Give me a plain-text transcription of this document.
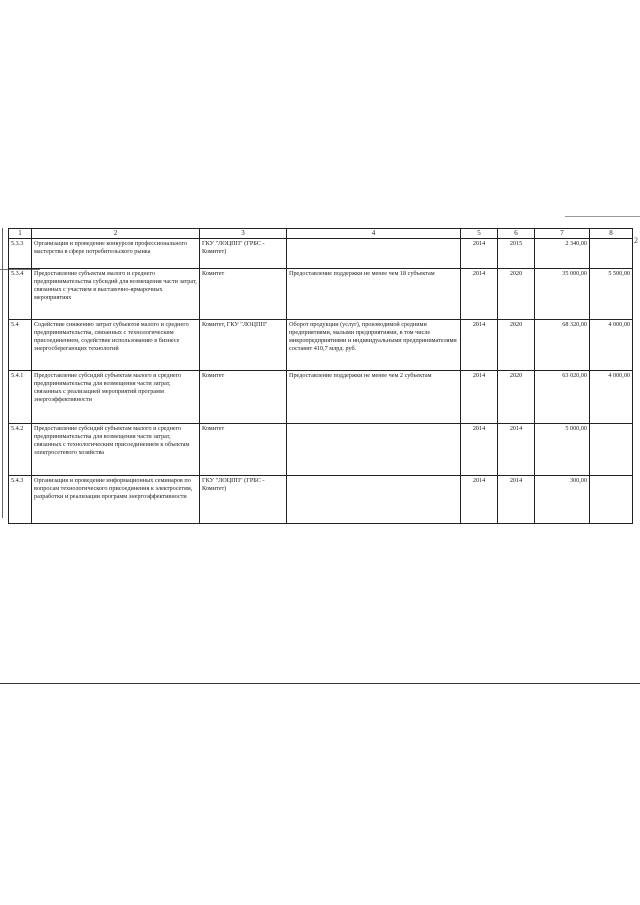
2
1	2	3	4	5	6	7	8
5.3.3	Организация и проведение конкурсов профессионального мастерства в сфере потребительского рынка	ГКУ "ЛОЦПП" (ГРБС - Комитет)		2014	2015	2 340,00	
5.3.4	Предоставление субъектам малого и среднего предпринимательства субсидий для возмещения части затрат, связанных с участием в выставочно-ярмарочных мероприятиях	Комитет	Предоставление поддержки не менее чем 18 субъектам	2014	2020	35 000,00	5 500,00
5.4	Содействие снижению затрат субъектов малого и среднего предпринимательства, связанных с технологическим присоединением, содействие использованию в бизнесе энергосберегающих технологий	Комитет, ГКУ "ЛОЦПП"	Оборот продукции (услуг), производимой средними предприятиями, малыми предприятиями, в том числе микропредприятиями и индивидуальными предпринимателями составит 410,7 млрд. руб.	2014	2020	68 320,00	4 000,00
5.4.1	Предоставление субсидий субъектам малого и среднего предпринимательства для возмещения части затрат, связанных с реализацией мероприятий программ энергоэффективности	Комитет	Предоставление поддержки не менее чем 2 субъектам	2014	2020	63 020,00	4 000,00
5.4.2	Предоставление субсидий субъектам малого и среднего предпринимательства для возмещения части затрат, связанных с технологическим присоединением к объектам электросетевого хозяйства	Комитет		2014	2014	5 000,00	
5.4.3	Организация и проведение информационных семинаров по вопросам технологического присоединения к электросетям, разработки и реализации программ энергоэффективности	ГКУ "ЛОЦПП" (ГРБС - Комитет)		2014	2014	300,00	
